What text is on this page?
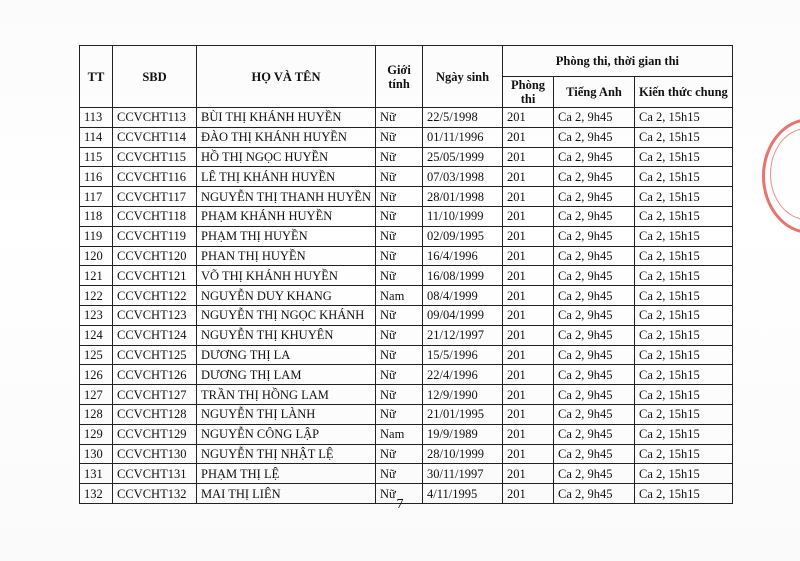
TT	SBD	HỌ VÀ TÊN	Giới tính	Ngày sinh	Phòng thi, thời gian thi		
					Phòng thi	Tiếng Anh	Kiến thức chung
113	CCVCHT113	BÙI THỊ KHÁNH HUYỀN	Nữ	22/5/1998	201	Ca 2, 9h45	Ca 2, 15h15
114	CCVCHT114	ĐÀO THỊ KHÁNH HUYỀN	Nữ	01/11/1996	201	Ca 2, 9h45	Ca 2, 15h15
115	CCVCHT115	HỒ THỊ NGỌC HUYỀN	Nữ	25/05/1999	201	Ca 2, 9h45	Ca 2, 15h15
116	CCVCHT116	LÊ THỊ KHÁNH HUYỀN	Nữ	07/03/1998	201	Ca 2, 9h45	Ca 2, 15h15
117	CCVCHT117	NGUYỄN THỊ THANH HUYỀN	Nữ	28/01/1998	201	Ca 2, 9h45	Ca 2, 15h15
118	CCVCHT118	PHẠM KHÁNH HUYỀN	Nữ	11/10/1999	201	Ca 2, 9h45	Ca 2, 15h15
119	CCVCHT119	PHẠM THỊ HUYỀN	Nữ	02/09/1995	201	Ca 2, 9h45	Ca 2, 15h15
120	CCVCHT120	PHAN THỊ HUYỀN	Nữ	16/4/1996	201	Ca 2, 9h45	Ca 2, 15h15
121	CCVCHT121	VÕ THỊ KHÁNH HUYỀN	Nữ	16/08/1999	201	Ca 2, 9h45	Ca 2, 15h15
122	CCVCHT122	NGUYỄN DUY KHANG	Nam	08/4/1999	201	Ca 2, 9h45	Ca 2, 15h15
123	CCVCHT123	NGUYỄN THỊ NGỌC KHÁNH	Nữ	09/04/1999	201	Ca 2, 9h45	Ca 2, 15h15
124	CCVCHT124	NGUYỄN THỊ KHUYÊN	Nữ	21/12/1997	201	Ca 2, 9h45	Ca 2, 15h15
125	CCVCHT125	DƯƠNG THỊ LA	Nữ	15/5/1996	201	Ca 2, 9h45	Ca 2, 15h15
126	CCVCHT126	DƯƠNG THỊ LAM	Nữ	22/4/1996	201	Ca 2, 9h45	Ca 2, 15h15
127	CCVCHT127	TRẦN THỊ HỒNG LAM	Nữ	12/9/1990	201	Ca 2, 9h45	Ca 2, 15h15
128	CCVCHT128	NGUYỄN THỊ LÀNH	Nữ	21/01/1995	201	Ca 2, 9h45	Ca 2, 15h15
129	CCVCHT129	NGUYỄN CÔNG LẬP	Nam	19/9/1989	201	Ca 2, 9h45	Ca 2, 15h15
130	CCVCHT130	NGUYỄN THỊ NHẬT LỆ	Nữ	28/10/1999	201	Ca 2, 9h45	Ca 2, 15h15
131	CCVCHT131	PHẠM THỊ LỆ	Nữ	30/11/1997	201	Ca 2, 9h45	Ca 2, 15h15
132	CCVCHT132	MAI THỊ LIÊN	Nữ	4/11/1995	201	Ca 2, 9h45	Ca 2, 15h15
7
